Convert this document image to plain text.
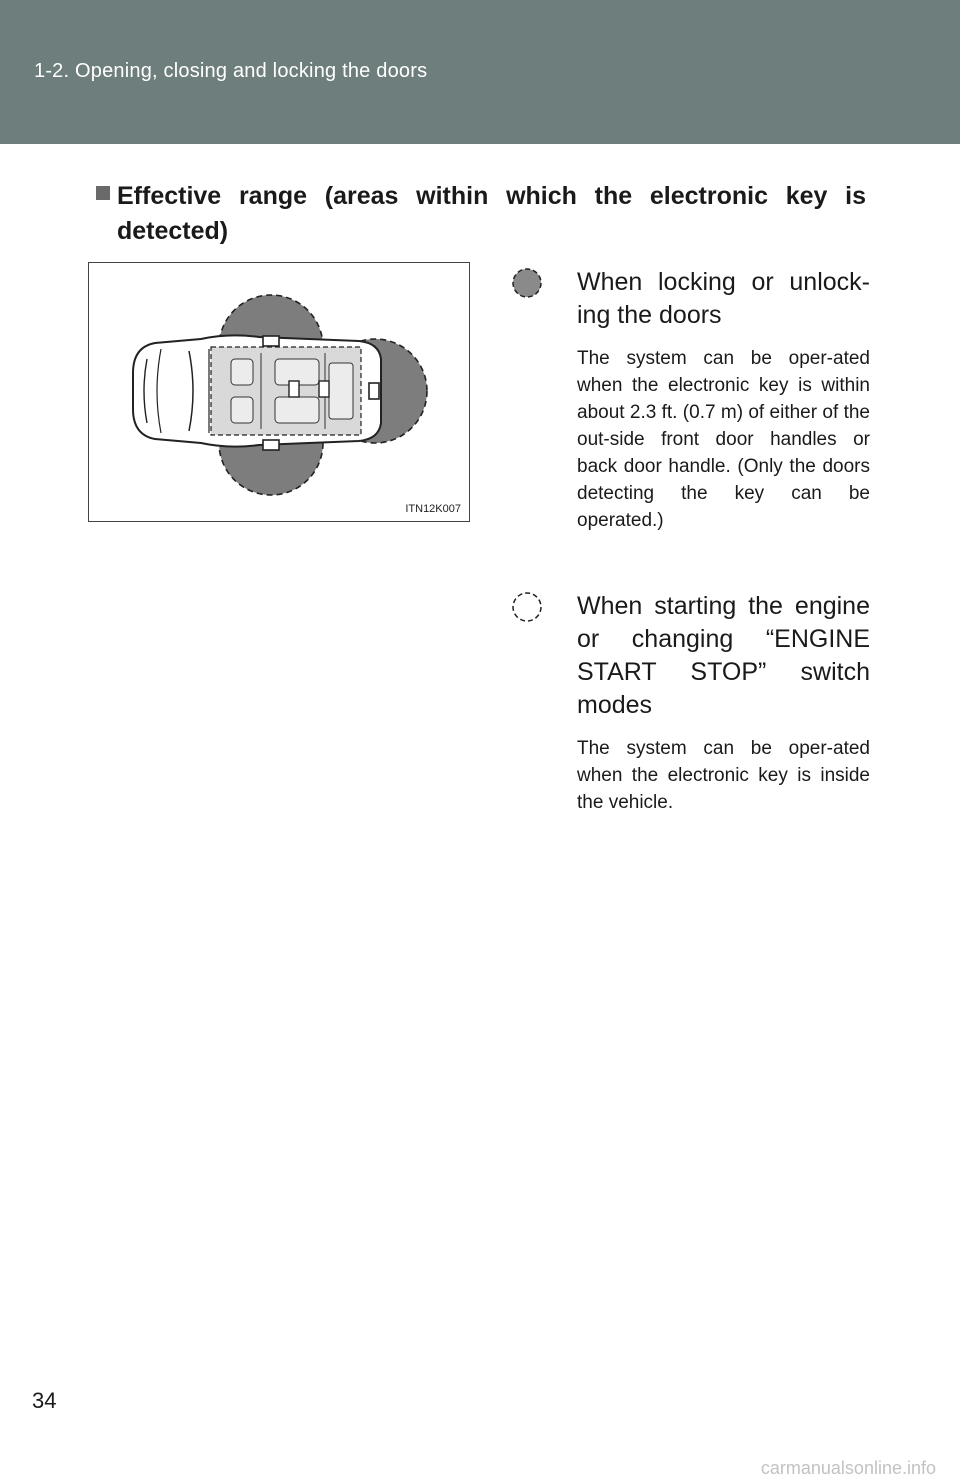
1-2. Opening, closing and locking the doors
Effective range (areas within which the electronic key is detected)
ITN12K007
When locking or unlock-ing the doors
The system can be oper-ated when the electronic key is within about 2.3 ft. (0.7 m) of either of the out-side front door handles or back door handle. (Only the doors detecting the key can be operated.)
When starting the engine or changing “ENGINE START STOP” switch modes
The system can be oper-ated when the electronic key is inside the vehicle.
34
carmanualsonline.info
